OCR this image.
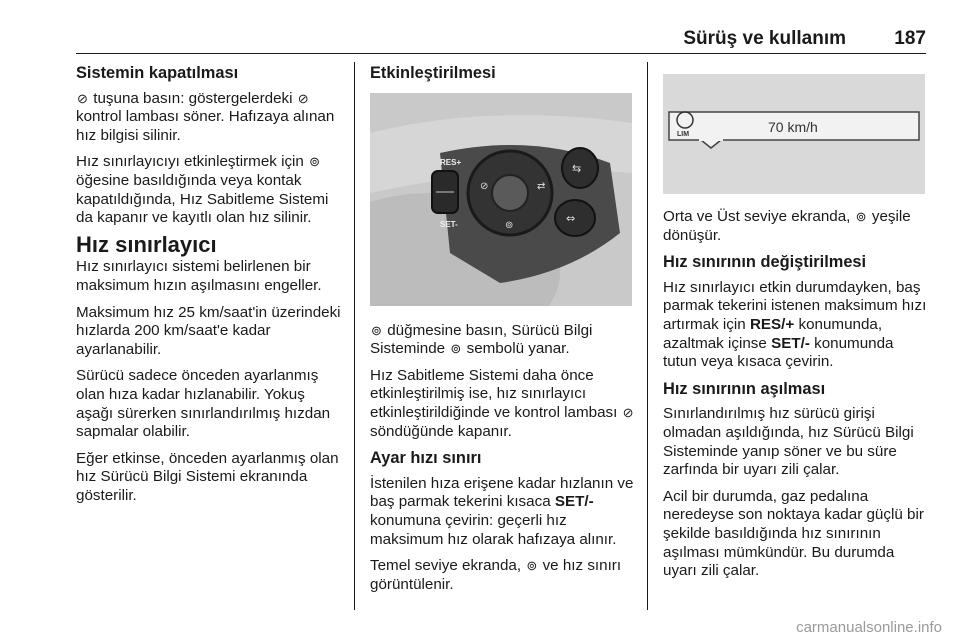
Sürüş ve kullanım	187
Sistemin kapatılması

⊘ tuşuna basın: göstergelerdeki ⊘ kontrol lambası söner. Hafızaya alınan hız bilgisi silinir.

Hız sınırlayıcıyı etkinleştirmek için ⊚ öğesine basıldığında veya kontak kapatıldığında, Hız Sabitleme Sistemi da kapanır ve kayıtlı olan hız silinir.

Hız sınırlayıcı

Hız sınırlayıcı sistemi belirlenen bir maksimum hızın aşılmasını engeller.

Maksimum hız 25 km/saat'in üzerindeki hızlarda 200 km/saat'e kadar ayarlanabilir.

Sürücü sadece önceden ayarlanmış olan hıza kadar hızlanabilir. Yokuş aşağı sürerken sınırlandırılmış hızdan sapmalar olabilir.

Eğer etkinse, önceden ayarlanmış olan hız Sürücü Bilgi Sistemi ekranında gösterilir.

Etkinleştirilmesi
RES+
SET-
⊘
⊚
⇄
⇆
⇔

⊚ düğmesine basın, Sürücü Bilgi Sisteminde ⊚ sembolü yanar.

Hız Sabitleme Sistemi daha önce etkinleştirilmiş ise, hız sınırlayıcı etkinleştirildiğinde ve kontrol lambası ⊘ söndüğünde kapanır.

Ayar hızı sınırı

İstenilen hıza erişene kadar hızlanın ve baş parmak tekerini kısaca SET/- konumuna çevirin: geçerli hız maksimum hız olarak hafızaya alınır.

Temel seviye ekranda, ⊚ ve hız sınırı görüntülenir.

LIM	70 km/h

Orta ve Üst seviye ekranda, ⊚ yeşile dönüşür.

Hız sınırının değiştirilmesi

Hız sınırlayıcı etkin durumdayken, baş parmak tekerini istenen maksimum hızı artırmak için RES/+ konumunda, azaltmak içinse SET/- konumunda tutun veya kısaca çevirin.

Hız sınırının aşılması

Sınırlandırılmış hız sürücü girişi olmadan aşıldığında, hız Sürücü Bilgi Sisteminde yanıp söner ve bu süre zarfında bir uyarı zili çalar.

Acil bir durumda, gaz pedalına neredeyse son noktaya kadar güçlü bir şekilde basıldığında hız sınırının aşılması mümkündür. Bu durumda uyarı zili çalar.

carmanualsonline.info
